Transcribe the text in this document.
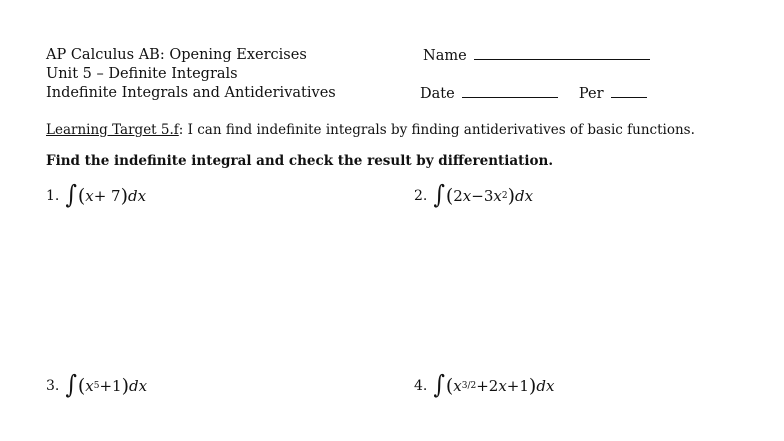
AP Calculus AB: Opening Exercises
Unit 5 – Definite Integrals
Indefinite Integrals and Antiderivatives
Name
Date	Per
Learning Target 5.f: I can find indefinite integrals by finding antiderivatives of basic functions.
Find the indefinite integral and check the result by differentiation.
1. ∫ ( x + 7 ) dx	2. ∫ ( 2 x −3 x 2 ) dx
3. ∫ ( x 5 +1 ) dx	4. ∫ ( x 3/2 +2 x +1 ) dx
